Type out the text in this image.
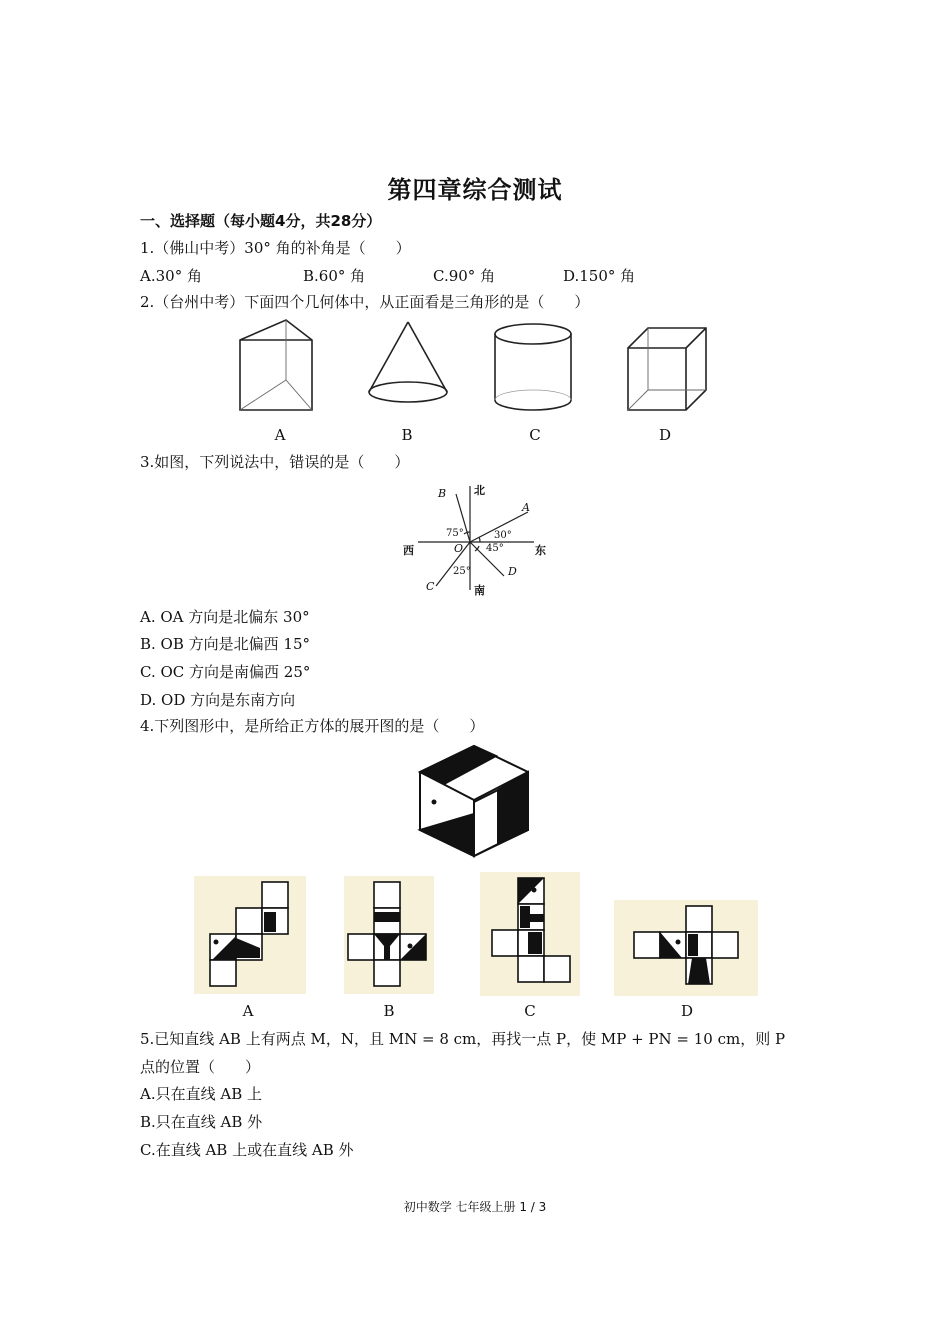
第四章综合测试
一、选择题（每小题4分，共28分）
1.（佛山中考）30° 角的补角是（　　）
A.30° 角	B.60° 角	C.90° 角	D.150° 角
2.（台州中考）下面四个几何体中，从正面看是三角形的是（　　）
A	B	C	D
3.如图，下列说法中，错误的是（　　）
北
南
东
西
A
B
C
D
O
75°	30°
45°
25°
A. OA 方向是北偏东 30°
B. OB 方向是北偏西 15°
C. OC 方向是南偏西 25°
D. OD 方向是东南方向
4.下列图形中，是所给正方体的展开图的是（　　）
A	B	C	D
5.已知直线 AB 上有两点 M，N，且 MN = 8 cm，再找一点 P，使 MP + PN = 10 cm，则 P
点的位置（　　）
A.只在直线 AB 上
B.只在直线 AB 外
C.在直线 AB 上或在直线 AB 外
初中数学 七年级上册 1 / 3
